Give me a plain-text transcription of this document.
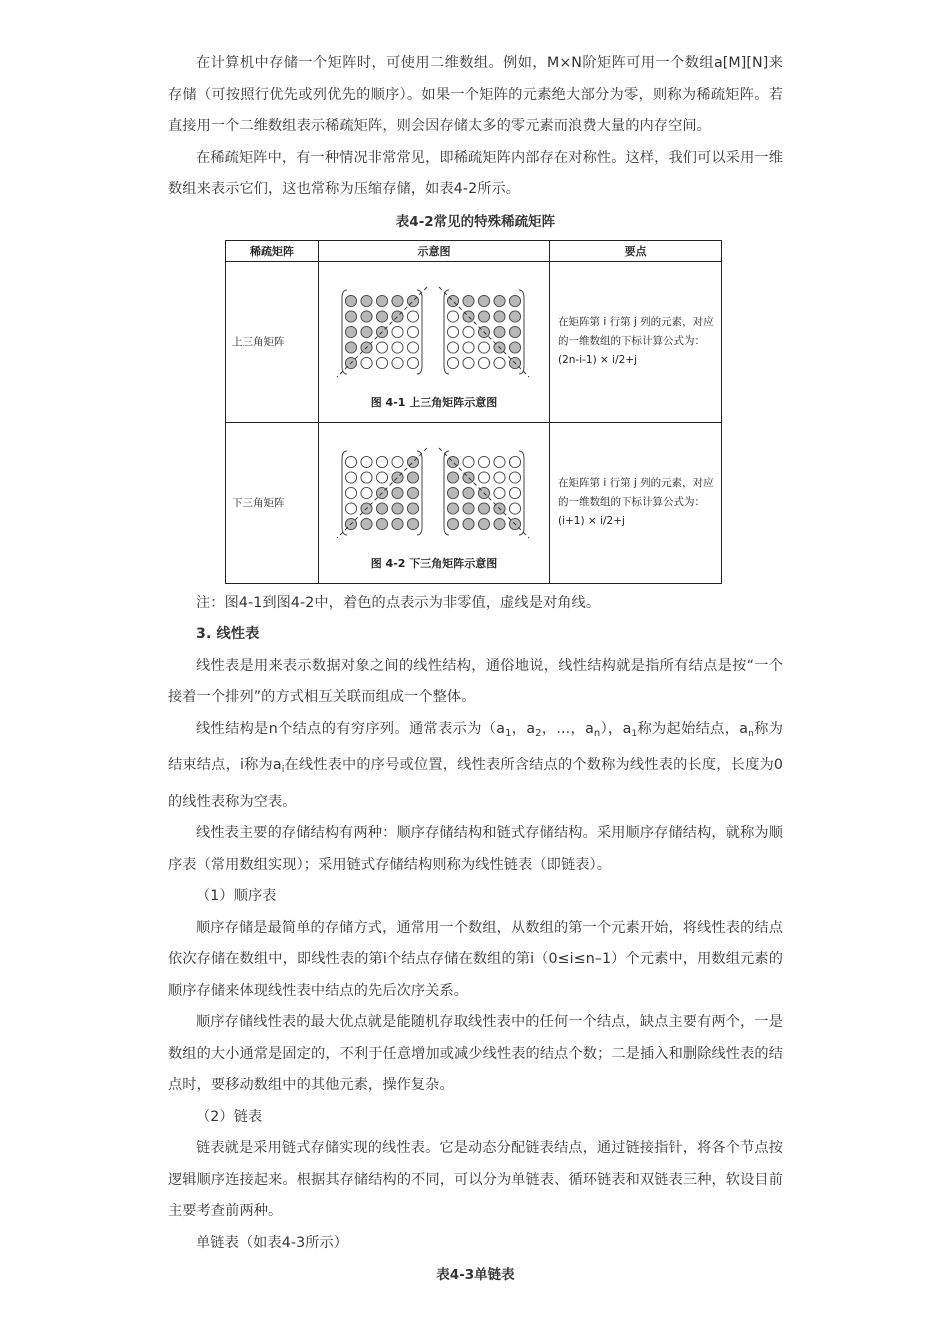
在计算机中存储一个矩阵时，可使用二维数组。例如，M×N阶矩阵可用一个数组a[M][N]来存储（可按照行优先或列优先的顺序）。如果一个矩阵的元素绝大部分为零，则称为稀疏矩阵。若直接用一个二维数组表示稀疏矩阵，则会因存储太多的零元素而浪费大量的内存空间。

在稀疏矩阵中，有一种情况非常常见，即稀疏矩阵内部存在对称性。这样，我们可以采用一维数组来表示它们，这也常称为压缩存储，如表4-2所示。

表4-2常见的特殊稀疏矩阵
稀疏矩阵	示意图	要点
上三角矩阵	图 4-1 上三角矩阵示意图	在矩阵第 i 行第 j 列的元素，对应的一维数组的下标计算公式为：(2n-i-1) × i/2+j
下三角矩阵	图 4-2 下三角矩阵示意图	在矩阵第 i 行第 j 列的元素，对应的一维数组的下标计算公式为：(i+1) × i/2+j

注：图4-1到图4-2中，着色的点表示为非零值，虚线是对角线。

3. 线性表

线性表是用来表示数据对象之间的线性结构，通俗地说，线性结构就是指所有结点是按“一个接着一个排列”的方式相互关联而组成一个整体。

线性结构是n个结点的有穷序列。通常表示为（$a_1$，$a_2$，...，$a_n$），$a_1$称为起始结点，$a_n$称为结束结点，i称为$a_i$在线性表中的序号或位置，线性表所含结点的个数称为线性表的长度，长度为0的线性表称为空表。

线性表主要的存储结构有两种：顺序存储结构和链式存储结构。采用顺序存储结构，就称为顺序表（常用数组实现）；采用链式存储结构则称为线性链表（即链表）。

（1）顺序表

顺序存储是最简单的存储方式，通常用一个数组，从数组的第一个元素开始，将线性表的结点依次存储在数组中，即线性表的第i个结点存储在数组的第i（0≤i≤n–1）个元素中，用数组元素的顺序存储来体现线性表中结点的先后次序关系。

顺序存储线性表的最大优点就是能随机存取线性表中的任何一个结点，缺点主要有两个，一是数组的大小通常是固定的，不利于任意增加或减少线性表的结点个数；二是插入和删除线性表的结点时，要移动数组中的其他元素，操作复杂。

（2）链表

链表就是采用链式存储实现的线性表。它是动态分配链表结点，通过链接指针，将各个节点按逻辑顺序连接起来。根据其存储结构的不同，可以分为单链表、循环链表和双链表三种，软设目前主要考查前两种。

单链表（如表4-3所示）

表4-3单链表
